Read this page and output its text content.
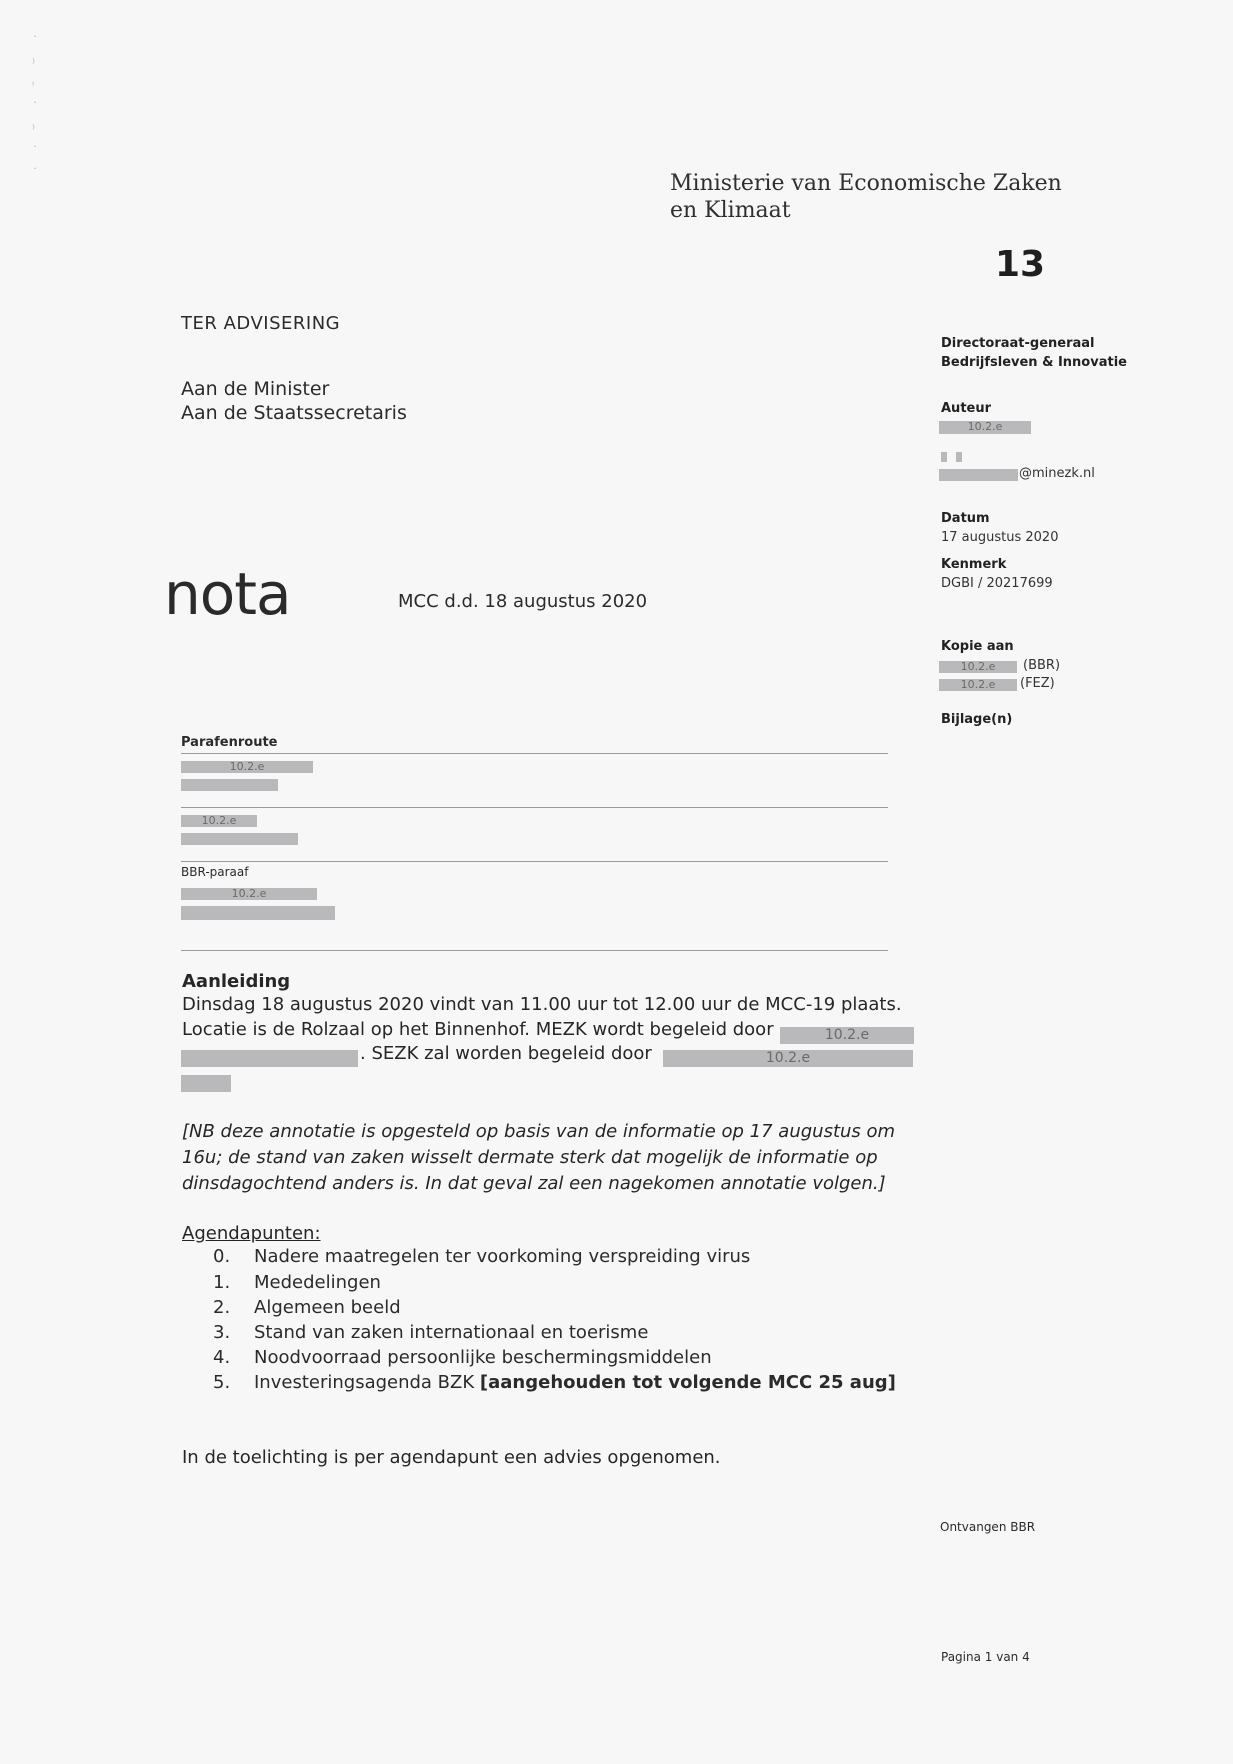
˙
⁾
ᵎ
˙
⁾
˙
˙	Ministerie van Economische Zaken
en Klimaat
13
TER ADVISERING
Aan de Minister
Aan de Staatssecretaris
nota	MCC d.d. 18 augustus 2020
Directoraat-generaal
Bedrijfsleven & Innovatie
Auteur
10.2.e
@minezk.nl
Datum
17 augustus 2020
Kenmerk
DGBI / 20217699
Kopie aan
10.2.e	(BBR)
10.2.e	(FEZ)
Bijlage(n)
Parafenroute
10.2.e
10.2.e
BBR-paraaf
10.2.e
Aanleiding
Dinsdag 18 augustus 2020 vindt van 11.00 uur tot 12.00 uur de MCC-19 plaats.
Locatie is de Rolzaal op het Binnenhof. MEZK wordt begeleid door	10.2.e
. SEZK zal worden begeleid door	10.2.e
[NB deze annotatie is opgesteld op basis van de informatie op 17 augustus om
16u; de stand van zaken wisselt dermate sterk dat mogelijk de informatie op
dinsdagochtend anders is. In dat geval zal een nagekomen annotatie volgen.]
Agendapunten:
0. Nadere maatregelen ter voorkoming verspreiding virus
1. Mededelingen
2. Algemeen beeld
3. Stand van zaken internationaal en toerisme
4. Noodvoorraad persoonlijke beschermingsmiddelen
5. Investeringsagenda BZK [aangehouden tot volgende MCC 25 aug]
In de toelichting is per agendapunt een advies opgenomen.
Ontvangen BBR
Pagina 1 van 4
